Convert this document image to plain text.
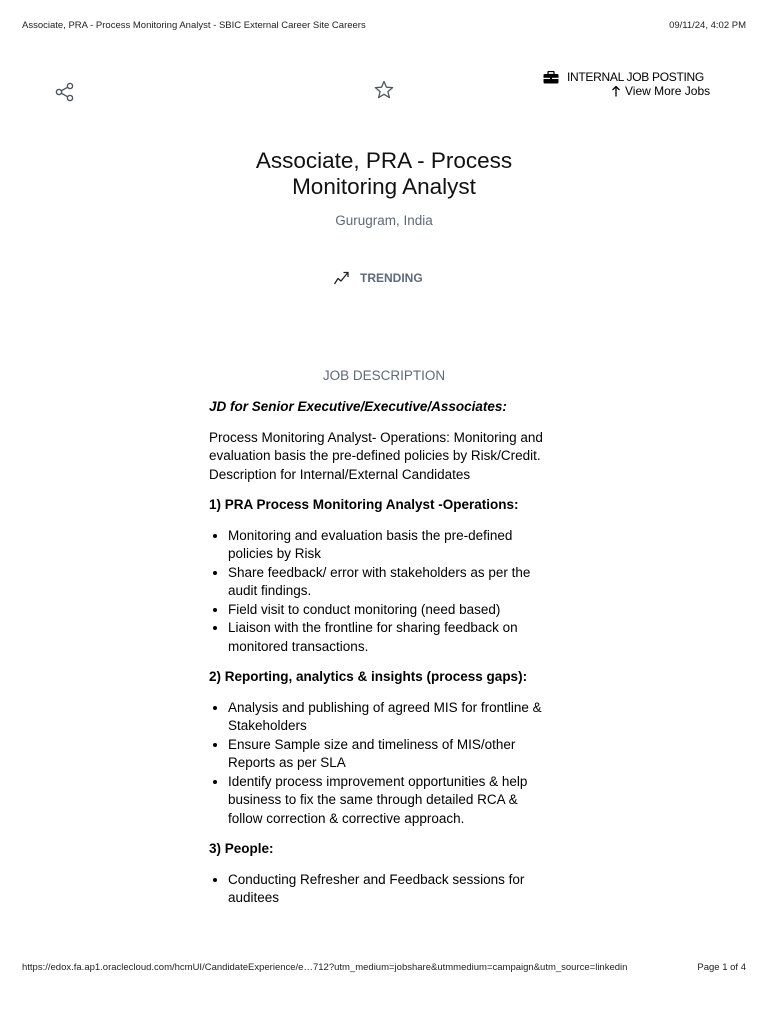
Associate, PRA - Process Monitoring Analyst - SBIC External Career Site Careers	09/11/24, 4:02 PM
INTERNAL JOB POSTING
View More Jobs
Associate, PRA - Process
Monitoring Analyst
Gurugram, India
TRENDING
JOB DESCRIPTION

JD for Senior Executive/Executive/Associates:

Process Monitoring Analyst- Operations: Monitoring and evaluation basis the pre-defined policies by Risk/Credit.
Description for Internal/External Candidates

1) PRA Process Monitoring Analyst -Operations:

• Monitoring and evaluation basis the pre-defined policies by Risk
• Share feedback/ error with stakeholders as per the audit findings.
• Field visit to conduct monitoring (need based)
• Liaison with the frontline for sharing feedback on monitored transactions.

2) Reporting, analytics & insights (process gaps):

• Analysis and publishing of agreed MIS for frontline & Stakeholders
• Ensure Sample size and timeliness of MIS/other Reports as per SLA
• Identify process improvement opportunities & help business to fix the same through detailed RCA & follow correction & corrective approach.

3) People:

• Conducting Refresher and Feedback sessions for auditees
https://edox.fa.ap1.oraclecloud.com/hcmUI/CandidateExperience/e…712?utm_medium=jobshare&utmmedium=campaign&utm_source=linkedin	Page 1 of 4
